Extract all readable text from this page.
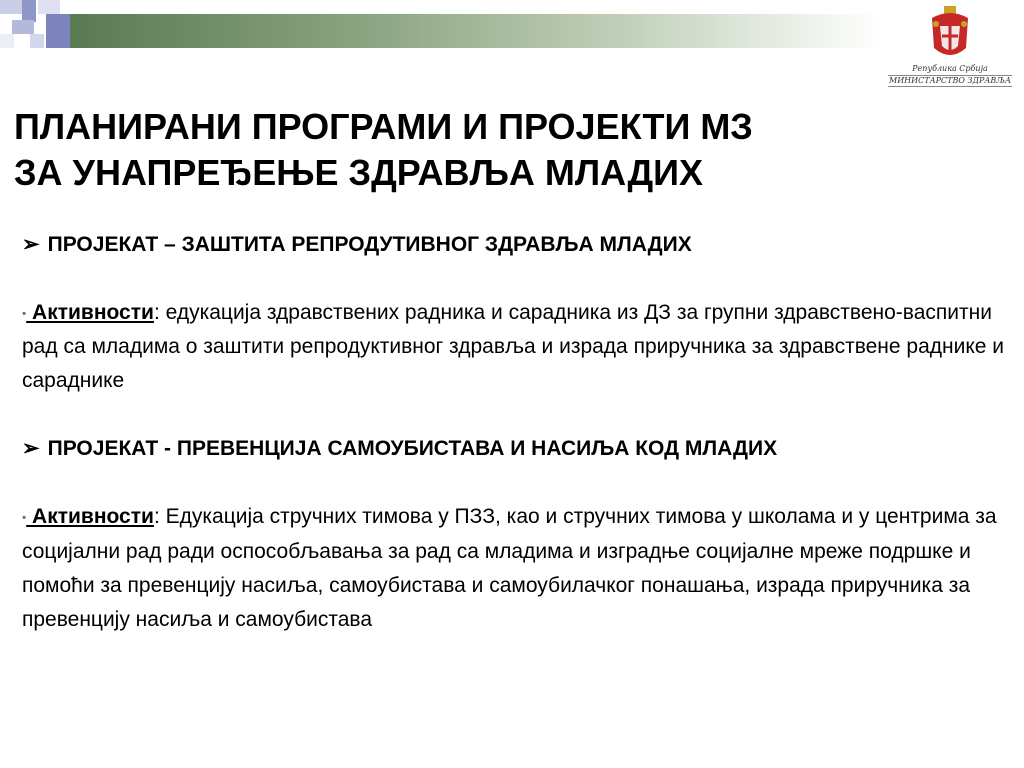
Република Србија
МИНИСТАРСТВО ЗДРАВЉА
ПЛАНИРАНИ ПРОГРАМИ И ПРОЈЕКТИ МЗ
ЗА УНАПРЕЂЕЊЕ ЗДРАВЉА МЛАДИХ

➢ ПРОЈЕКАТ – ЗАШТИТА РЕПРОДУТИВНОГ ЗДРАВЉА МЛАДИХ

• Активности: едукација здравствених радника и сарадника из ДЗ за групни здравствено-васпитни рад са младима о заштити репродуктивног здравља и израда приручника за здравствене раднике и сараднике

➢ ПРОЈЕКАТ - ПРЕВЕНЦИЈА САМОУБИСТАВА И НАСИЉА КОД МЛАДИХ

• Активности: Едукација стручних тимова у ПЗЗ, као и стручних тимова у школама и у центрима за социјални рад ради оспособљавања за рад са младима и изградње социјалне мреже подршке и помоћи за превенцију насиља, самоубистава и самоубилачког понашања, израда приручника за превенцију насиља и самоубистава
